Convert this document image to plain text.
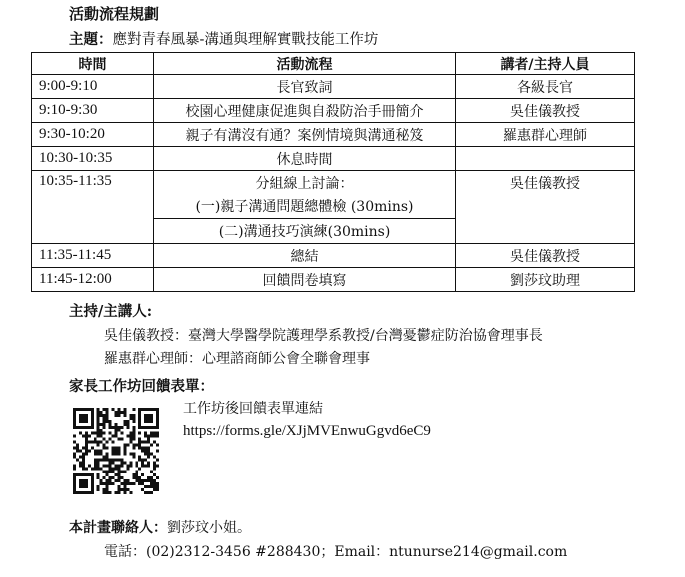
活動流程規劃
主題：應對青春風暴-溝通與理解實戰技能工作坊
時間	活動流程	講者/主持人員
9:00-9:10	長官致詞	各級長官
9:10-9:30	校園心理健康促進與自殺防治手冊簡介	吳佳儀教授
9:30-10:20	親子有溝沒有通？案例情境與溝通秘笈	羅惠群心理師
10:30-10:35	休息時間	
10:35-11:35	分組線上討論：	吳佳儀教授
	(一)親子溝通問題總體檢 (30mins)	
	(二)溝通技巧演練(30mins)	
11:35-11:45	總結	吳佳儀教授
11:45-12:00	回饋問卷填寫	劉莎玟助理
主持/主講人:
吳佳儀教授：臺灣大學醫學院護理學系教授/台灣憂鬱症防治協會理事長
羅惠群心理師：心理諮商師公會全聯會理事
家長工作坊回饋表單：
工作坊後回饋表單連結
https://forms.gle/XJjMVEnwuGgvd6eC9
本計畫聯絡人：劉莎玟小姐。
電話：(02)2312-3456 #288430；Email：ntunurse214@gmail.com
